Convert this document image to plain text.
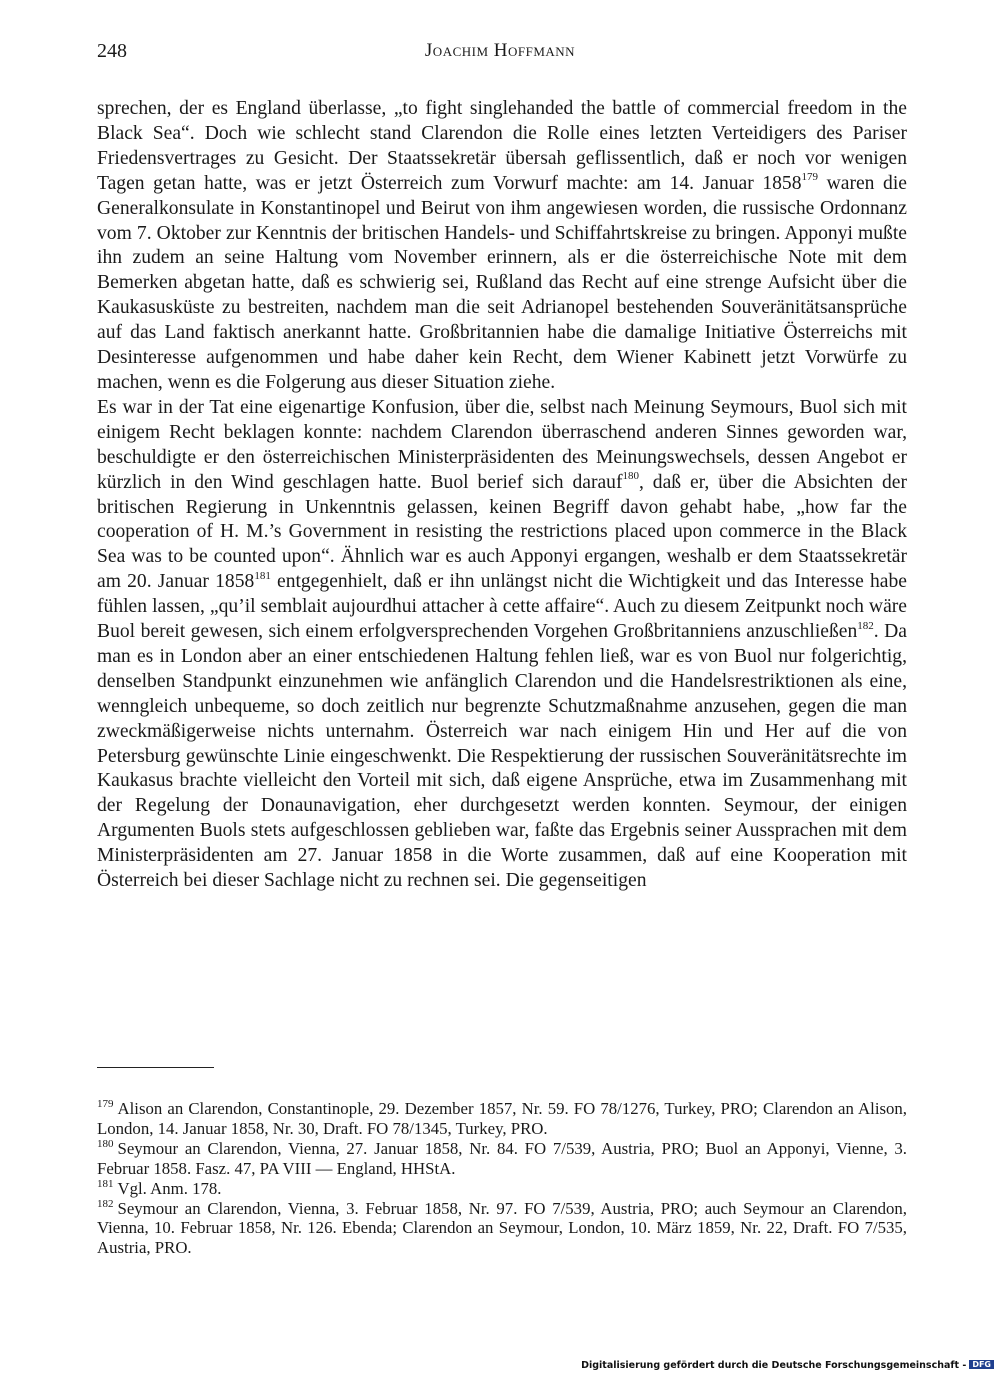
248	Joachim Hoffmann

sprechen, der es England überlasse, „to fight singlehanded the battle of commercial freedom in the Black Sea“. Doch wie schlecht stand Clarendon die Rolle eines letzten Verteidigers des Pariser Friedensvertrages zu Gesicht. Der Staatssekretär übersah geflissentlich, daß er noch vor wenigen Tagen getan hatte, was er jetzt Österreich zum Vorwurf machte: am 14. Januar 1858$^{179}$ waren die Generalkonsulate in Konstantinopel und Beirut von ihm angewiesen worden, die russische Ordonnanz vom 7. Oktober zur Kenntnis der britischen Handels- und Schiffahrtskreise zu bringen. Apponyi mußte ihn zudem an seine Haltung vom November erinnern, als er die österreichische Note mit dem Bemerken abgetan hatte, daß es schwierig sei, Rußland das Recht auf eine strenge Aufsicht über die Kaukasusküste zu bestreiten, nachdem man die seit Adrianopel bestehenden Souveränitätsansprüche auf das Land faktisch anerkannt hatte. Großbritannien habe die damalige Initiative Österreichs mit Desinteresse aufgenommen und habe daher kein Recht, dem Wiener Kabinett jetzt Vorwürfe zu machen, wenn es die Folgerung aus dieser Situation ziehe.

Es war in der Tat eine eigenartige Konfusion, über die, selbst nach Meinung Seymours, Buol sich mit einigem Recht beklagen konnte: nachdem Clarendon überraschend anderen Sinnes geworden war, beschuldigte er den österreichischen Ministerpräsidenten des Meinungswechsels, dessen Angebot er kürzlich in den Wind geschlagen hatte. Buol berief sich darauf$^{180}$, daß er, über die Absichten der britischen Regierung in Unkenntnis gelassen, keinen Begriff davon gehabt habe, „how far the cooperation of H. M.’s Government in resisting the restrictions placed upon commerce in the Black Sea was to be counted upon“. Ähnlich war es auch Apponyi ergangen, weshalb er dem Staatssekretär am 20. Januar 1858$^{181}$ entgegenhielt, daß er ihn unlängst nicht die Wichtigkeit und das Interesse habe fühlen lassen, „qu’il semblait aujourdhui attacher à cette affaire“. Auch zu diesem Zeitpunkt noch wäre Buol bereit gewesen, sich einem erfolgversprechenden Vorgehen Großbritanniens anzuschließen$^{182}$. Da man es in London aber an einer entschiedenen Haltung fehlen ließ, war es von Buol nur folgerichtig, denselben Standpunkt einzunehmen wie anfänglich Clarendon und die Handelsrestriktionen als eine, wenngleich unbequeme, so doch zeitlich nur begrenzte Schutzmaßnahme anzusehen, gegen die man zweckmäßigerweise nichts unternahm. Österreich war nach einigem Hin und Her auf die von Petersburg gewünschte Linie eingeschwenkt. Die Respektierung der russischen Souveränitätsrechte im Kaukasus brachte vielleicht den Vorteil mit sich, daß eigene Ansprüche, etwa im Zusammenhang mit der Regelung der Donaunavigation, eher durchgesetzt werden konnten. Seymour, der einigen Argumenten Buols stets aufgeschlossen geblieben war, faßte das Ergebnis seiner Aussprachen mit dem Ministerpräsidenten am 27. Januar 1858 in die Worte zusammen, daß auf eine Kooperation mit Österreich bei dieser Sachlage nicht zu rechnen sei. Die gegenseitigen

$^{179}$ Alison an Clarendon, Constantinople, 29. Dezember 1857, Nr. 59. FO 78/1276, Turkey, PRO; Clarendon an Alison, London, 14. Januar 1858, Nr. 30, Draft. FO 78/1345, Turkey, PRO.

$^{180}$ Seymour an Clarendon, Vienna, 27. Januar 1858, Nr. 84. FO 7/539, Austria, PRO; Buol an Apponyi, Vienne, 3. Februar 1858. Fasz. 47, PA VIII — England, HHStA.

$^{181}$ Vgl. Anm. 178.

$^{182}$ Seymour an Clarendon, Vienna, 3. Februar 1858, Nr. 97. FO 7/539, Austria, PRO; auch Seymour an Clarendon, Vienna, 10. Februar 1858, Nr. 126. Ebenda; Clarendon an Seymour, London, 10. März 1859, Nr. 22, Draft. FO 7/535, Austria, PRO.

Digitalisierung gefördert durch die Deutsche Forschungsgemeinschaft - DFG
